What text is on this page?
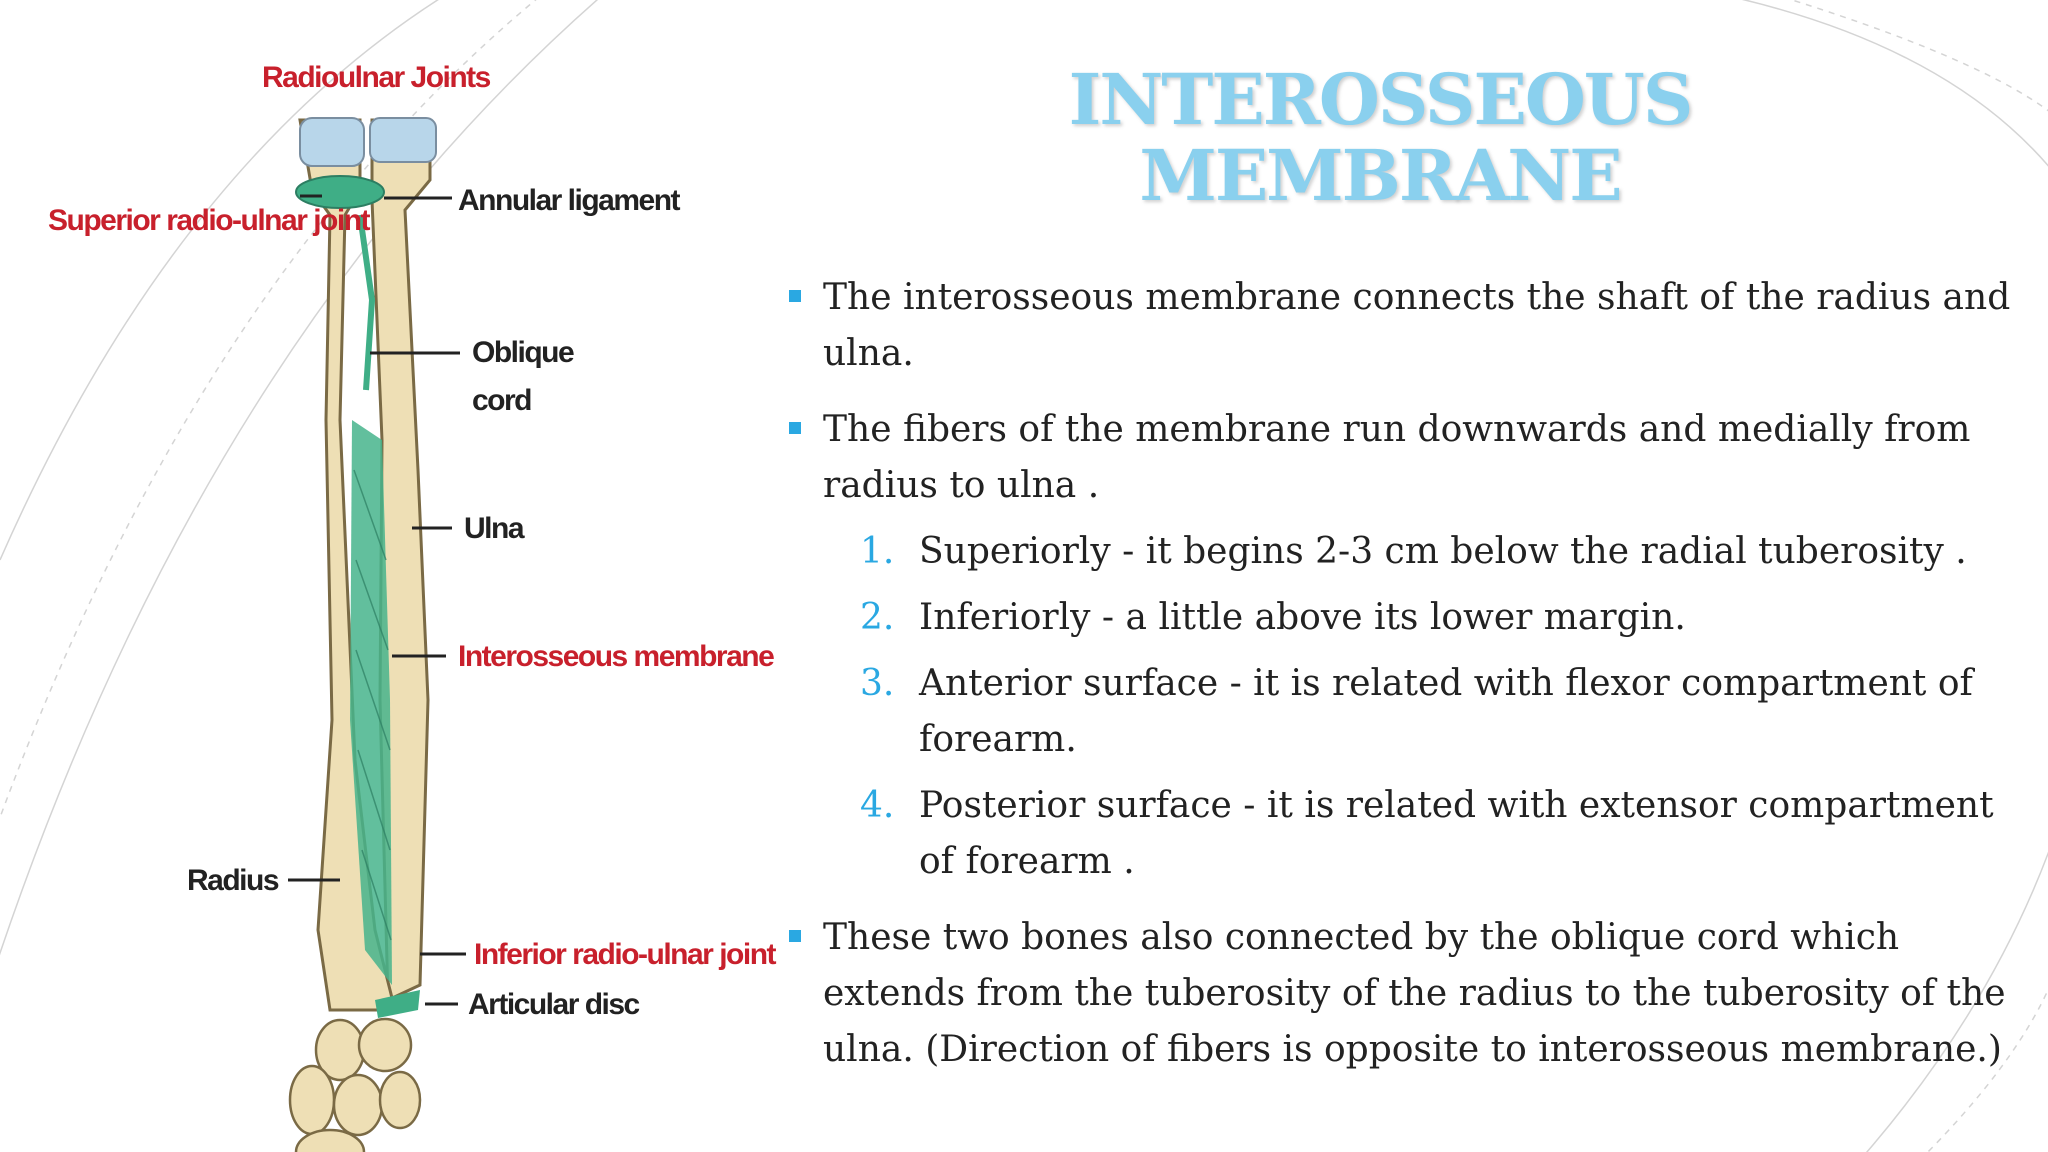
Radioulnar Joints
Superior radio-ulnar joint
Annular ligament
Oblique
cord
Ulna
Interosseous membrane
Radius
Inferior radio-ulnar joint
Articular disc
INTEROSSEOUS
MEMBRANE
The interosseous membrane connects the shaft of the radius and ulna.
The fibers of the membrane run downwards and medially from radius to ulna .
1. Superiorly - it begins 2-3 cm below the radial tuberosity .
2. Inferiorly - a little above its lower margin.
3. Anterior surface - it is related with flexor compartment of forearm.
4. Posterior surface - it is related with extensor compartment of forearm .
These two bones also connected by the oblique cord which extends from the tuberosity of the radius to the tuberosity of the ulna. (Direction of fibers is opposite to interosseous membrane.)
